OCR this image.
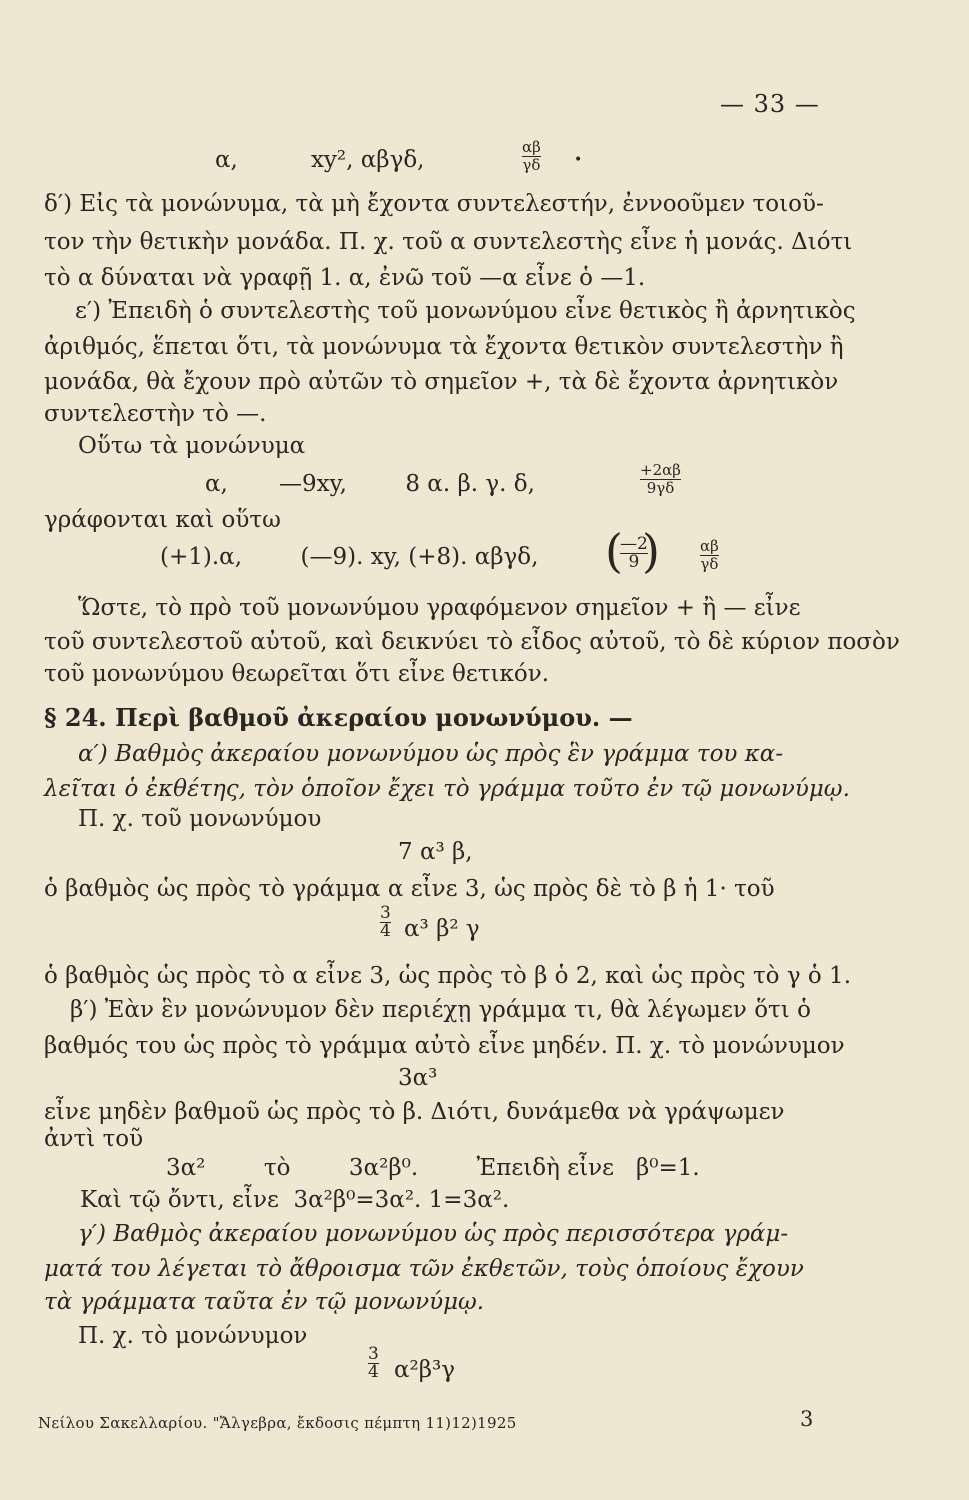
— 33 —
α,          xy², αβγδ,	$\frac{\alpha\beta}{\gamma\delta}$ •
δ′) Εἰς τὰ μονώνυμα, τὰ μὴ ἔχοντα συντελεστήν, ἐννοοῦμεν τοιοῦ-
τον τὴν θετικὴν μονάδα. Π. χ. τοῦ α συντελεστὴς εἶνε ἡ μονάς. Διότι
τὸ α δύναται νὰ γραφῇ 1. α, ἐνῶ τοῦ —α εἶνε ὁ —1.
ε′) Ἐπειδὴ ὁ συντελεστὴς τοῦ μονωνύμου εἶνε θετικὸς ἢ ἀρνητικὸς
ἀριθμός, ἕπεται ὅτι, τὰ μονώνυμα τὰ ἔχοντα θετικὸν συντελεστὴν ἢ
μονάδα, θὰ ἔχουν πρὸ αὐτῶν τὸ σημεῖον +, τὰ δὲ ἔχοντα ἀρνητικὸν
συντελεστὴν τὸ —.
Οὕτω τὰ μονώνυμα
α,       —9xy,        8 α. β. γ. δ,	$\frac{+2\alpha\beta}{9\gamma\delta}$
γράφονται καὶ οὕτω
(+1).α,        (—9). xy, (+8). αβγδ, (
$\frac{—2}{9}$
)	$\frac{\alpha\beta}{\gamma\delta}$
Ὥστε, τὸ πρὸ τοῦ μονωνύμου γραφόμενον σημεῖον + ἢ — εἶνε
τοῦ συντελεστοῦ αὐτοῦ, καὶ δεικνύει τὸ εἶδος αὐτοῦ, τὸ δὲ κύριον ποσὸν
τοῦ μονωνύμου θεωρεῖται ὅτι εἶνε θετικόν.
§ 24. Περὶ βαθμοῦ ἀκεραίου μονωνύμου. —
α′) Βαθμὸς ἀκεραίου μονωνύμου ὡς πρὸς ἓν γράμμα του κα-
λεῖται ὁ ἐκθέτης, τὸν ὁποῖον ἔχει τὸ γράμμα τοῦτο ἐν τῷ μονωνύμῳ.
Π. χ. τοῦ μονωνύμου
7 α³ β,
ὁ βαθμὸς ὡς πρὸς τὸ γράμμα α εἶνε 3, ὡς πρὸς δὲ τὸ β ἡ 1· τοῦ
$\frac{3}{4} \alpha^3$ β² γ
ὁ βαθμὸς ὡς πρὸς τὸ α εἶνε 3, ὡς πρὸς τὸ β ὁ 2, καὶ ὡς πρὸς τὸ γ ὁ 1.
β′) Ἐὰν ἓν μονώνυμον δὲν περιέχῃ γράμμα τι, θὰ λέγωμεν ὅτι ὁ
βαθμός του ὡς πρὸς τὸ γράμμα αὐτὸ εἶνε μηδέν. Π. χ. τὸ μονώνυμον
3α³
εἶνε μηδὲν βαθμοῦ ὡς πρὸς τὸ β. Διότι, δυνάμεθα νὰ γράψωμεν
ἀντὶ τοῦ
3α²        τὸ        3α²β⁰.        Ἐπειδὴ εἶνε   β⁰=1.
Καὶ τῷ ὄντι, εἶνε  3α²β⁰=3α². 1=3α².
γ′) Βαθμὸς ἀκεραίου μονωνύμου ὡς πρὸς περισσότερα γράμ-
ματά του λέγεται τὸ ἄθροισμα τῶν ἐκθετῶν, τοὺς ὁποίους ἔχουν
τὰ γράμματα ταῦτα ἐν τῷ μονωνύμῳ.
Π. χ. τὸ μονώνυμον
$\frac{3}{4} \alpha^2\beta^3\gamma$
Νείλου Σακελλαρίου. "Ἄλγεβρα, ἔκδοσις πέμπτη 11)12)1925	3
